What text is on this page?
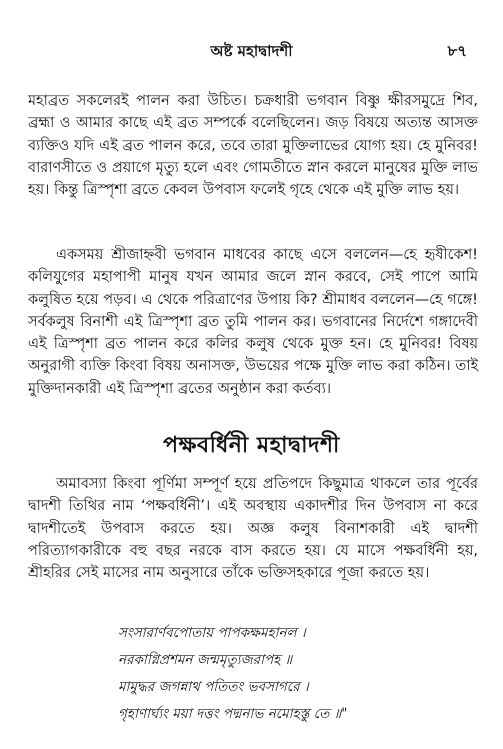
অষ্ট মহাদ্বাদশী	৮৭

মহাব্রত সকলেরই পালন করা উচিত। চক্রধারী ভগবান বিষ্ণু ক্ষীরসমুদ্রে শিব, ব্রহ্মা ও আমার কাছে এই ব্রত সম্পর্কে বলেছিলেন। জড় বিষয়ে অত্যন্ত আসক্ত ব্যক্তিও যদি এই ব্রত পালন করে, তবে তারা মুক্তিলাভের যোগ্য হয়। হে মুনিবর! বারাণসীতে ও প্রয়াগে মৃত্যু হলে এবং গোমতীতে স্নান করলে মানুষের মুক্তি লাভ হয়। কিন্তু ত্রিস্পৃশা ব্রতে কেবল উপবাস ফলেই গৃহে থেকে এই মুক্তি লাভ হয়।

একসময় শ্রীজাহ্নবী ভগবান মাধবের কাছে এসে বললেন—হে হৃষীকেশ! কলিযুগের মহাপাপী মানুষ যখন আমার জলে স্নান করবে, সেই পাপে আমি কলুষিত হয়ে পড়ব। এ থেকে পরিত্রাণের উপায় কি? শ্রীমাধব বললেন—হে গঙ্গে! সর্বকলুষ বিনাশী এই ত্রিস্পৃশা ব্রত তুমি পালন কর। ভগবানের নির্দেশে গঙ্গাদেবী এই ত্রিস্পৃশা ব্রত পালন করে কলির কলুষ থেকে মুক্ত হন। হে মুনিবর! বিষয় অনুরাগী ব্যক্তি কিংবা বিষয় অনাসক্ত, উভয়ের পক্ষে মুক্তি লাভ করা কঠিন। তাই মুক্তিদানকারী এই ত্রিস্পৃশা ব্রতের অনুষ্ঠান করা কর্তব্য।

পক্ষবর্ধিনী মহাদ্বাদশী

অমাবস্যা কিংবা পূর্ণিমা সম্পূর্ণ হয়ে প্রতিপদে কিছুমাত্র থাকলে তার পূর্বের দ্বাদশী তিথির নাম ‘পক্ষবর্ধিনী’। এই অবস্থায় একাদশীর দিন উপবাস না করে দ্বাদশীতেই উপবাস করতে হয়। অজ্ঞ কলুষ বিনাশকারী এই দ্বাদশী পরিত্যাগকারীকে বহু বছর নরকে বাস করতে হয়। যে মাসে পক্ষবর্ধিনী হয়, শ্রীহরির সেই মাসের নাম অনুসারে তাঁকে ভক্তিসহকারে পূজা করতে হয়।

সংসারার্ণবপোতায় পাপকক্ষমহানল ।
নরকাগ্নিপ্রশমন জন্মমৃত্যুজরাপহ ॥
মামুদ্ধর জগন্নাথ পতিতং ভবসাগরে ।
গৃহাণার্ঘ্যং ময়া দত্তং পদ্মনাভ নমোহস্তু তে ॥"
